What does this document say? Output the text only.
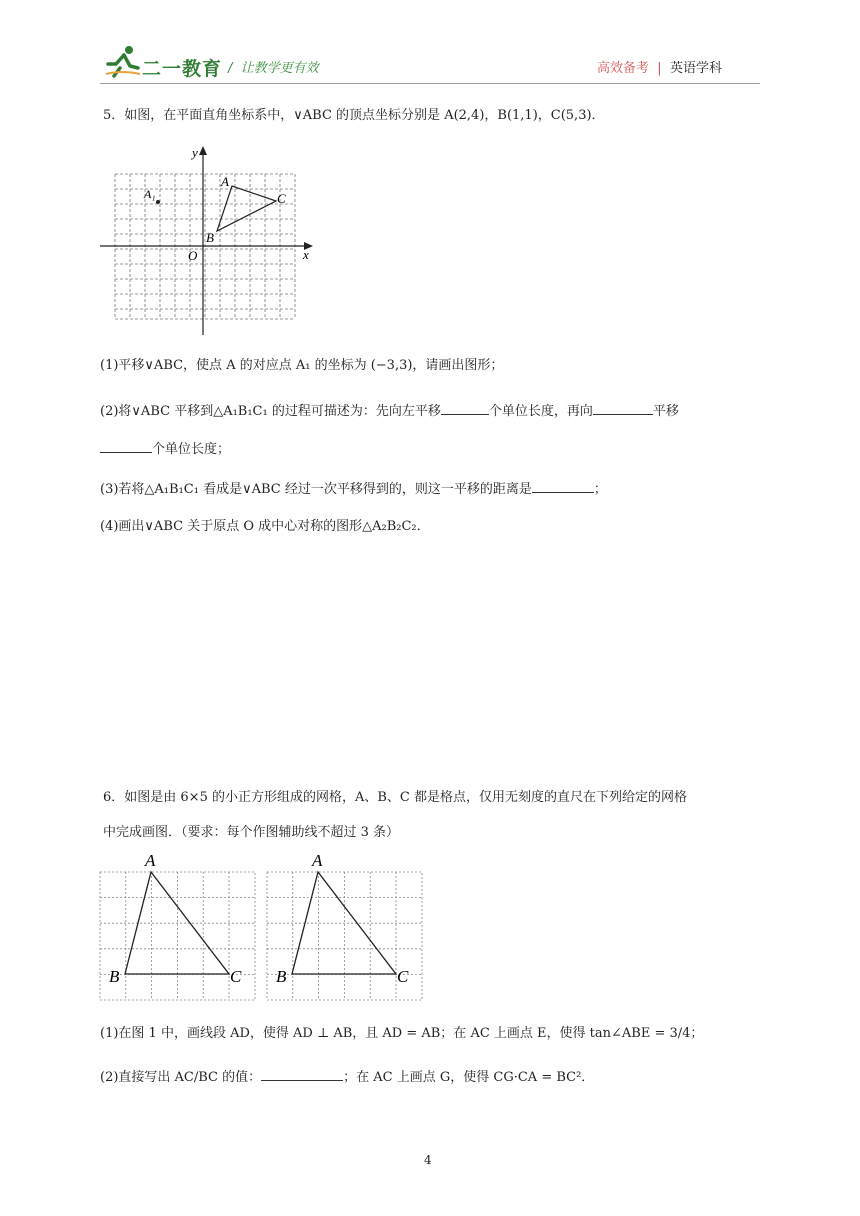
二一教育 /  让教学更有效	高效备考  |  英语学科
5．如图，在平面直角坐标系中，∨ABC 的顶点坐标分别是 A(2,4)，B(1,1)，C(5,3)．
y
x
O
A
B
C
A₁
(1)平移∨ABC，使点 A 的对应点 A₁ 的坐标为 (−3,3)，请画出图形；
(2)将∨ABC 平移到△A₁B₁C₁ 的过程可描述为：先向左平移	个单位长度，再向	平移
个单位长度；
(3)若将△A₁B₁C₁ 看成是∨ABC 经过一次平移得到的，则这一平移的距离是	；
(4)画出∨ABC 关于原点 O 成中心对称的图形△A₂B₂C₂．
6．如图是由 6×5 的小正方形组成的网格，A、B、C 都是格点，仅用无刻度的直尺在下列给定的网格
中完成画图．（要求：每个作图辅助线不超过 3 条）
A
B	C
A
B	C
(1)在图 1 中，画线段 AD，使得 AD ⊥ AB，且 AD = AB；在 AC 上画点 E，使得 tan∠ABE = 3/4；
(2)直接写出 AC/BC 的值：	；在 AC 上画点 G，使得 CG·CA = BC²．
4
